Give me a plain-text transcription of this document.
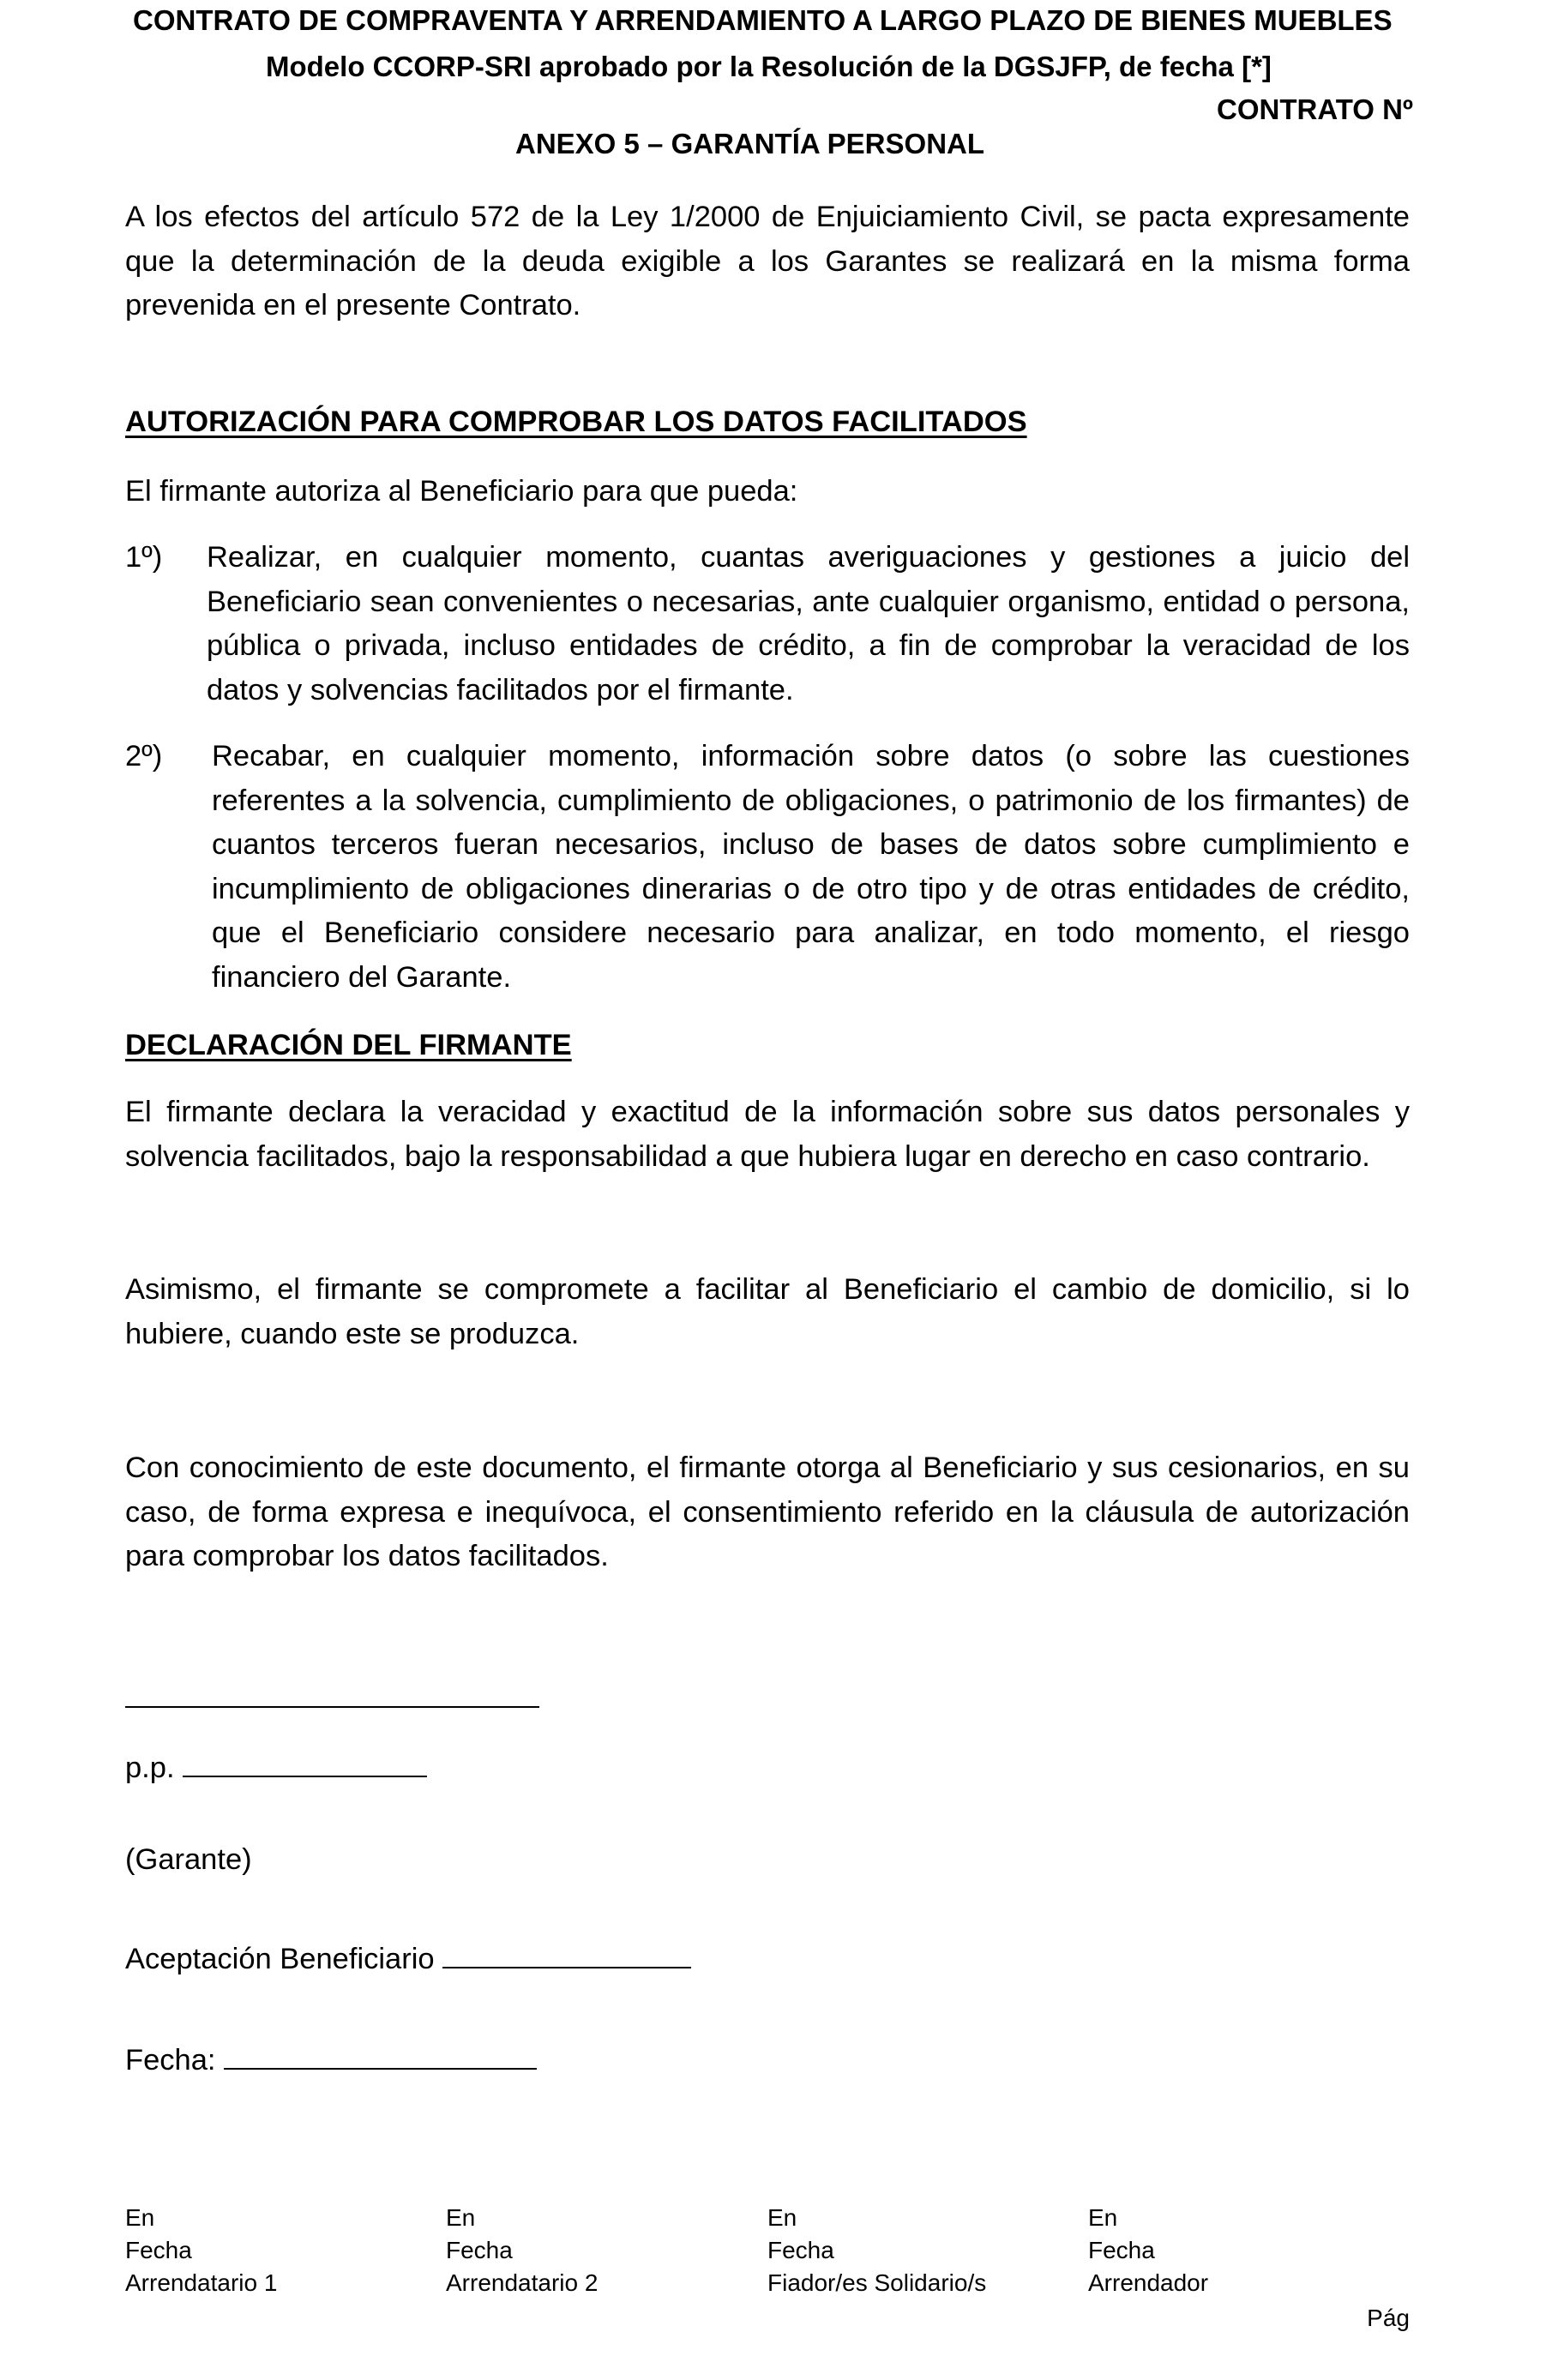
CONTRATO DE COMPRAVENTA Y ARRENDAMIENTO A LARGO PLAZO DE BIENES MUEBLES
Modelo CCORP-SRI aprobado por la Resolución de la DGSJFP, de fecha [*]
CONTRATO Nº
ANEXO 5 – GARANTÍA PERSONAL
A los efectos del artículo 572 de la Ley 1/2000 de Enjuiciamiento Civil, se pacta expresamente que la determinación de la deuda exigible a los Garantes se realizará en la misma forma prevenida en el presente Contrato.
AUTORIZACIÓN PARA COMPROBAR LOS DATOS FACILITADOS
El firmante autoriza al Beneficiario para que pueda:
1º) Realizar, en cualquier momento, cuantas averiguaciones y gestiones a juicio del Beneficiario sean convenientes o necesarias, ante cualquier organismo, entidad o persona, pública o privada, incluso entidades de crédito, a fin de comprobar la veracidad de los datos y solvencias facilitados por el firmante.
2º) Recabar, en cualquier momento, información sobre datos (o sobre las cuestiones referentes a la solvencia, cumplimiento de obligaciones, o patrimonio de los firmantes) de cuantos terceros fueran necesarios, incluso de bases de datos sobre cumplimiento e incumplimiento de obligaciones dinerarias o de otro tipo y de otras entidades de crédito, que el Beneficiario considere necesario para analizar, en todo momento, el riesgo financiero del Garante.
DECLARACIÓN DEL FIRMANTE
El firmante declara la veracidad y exactitud de la información sobre sus datos personales y solvencia facilitados, bajo la responsabilidad a que hubiera lugar en derecho en caso contrario.
Asimismo, el firmante se compromete a facilitar al Beneficiario el cambio de domicilio, si lo hubiere, cuando este se produzca.
Con conocimiento de este documento, el firmante otorga al Beneficiario y sus cesionarios, en su caso, de forma expresa e inequívoca, el consentimiento referido en la cláusula de autorización para comprobar los datos facilitados.
p.p.
(Garante)
Aceptación Beneficiario
Fecha:
En
Fecha
Arrendatario 1
En
Fecha
Arrendatario 2
En
Fecha
Fiador/es Solidario/s
En
Fecha
Arrendador
Pág
